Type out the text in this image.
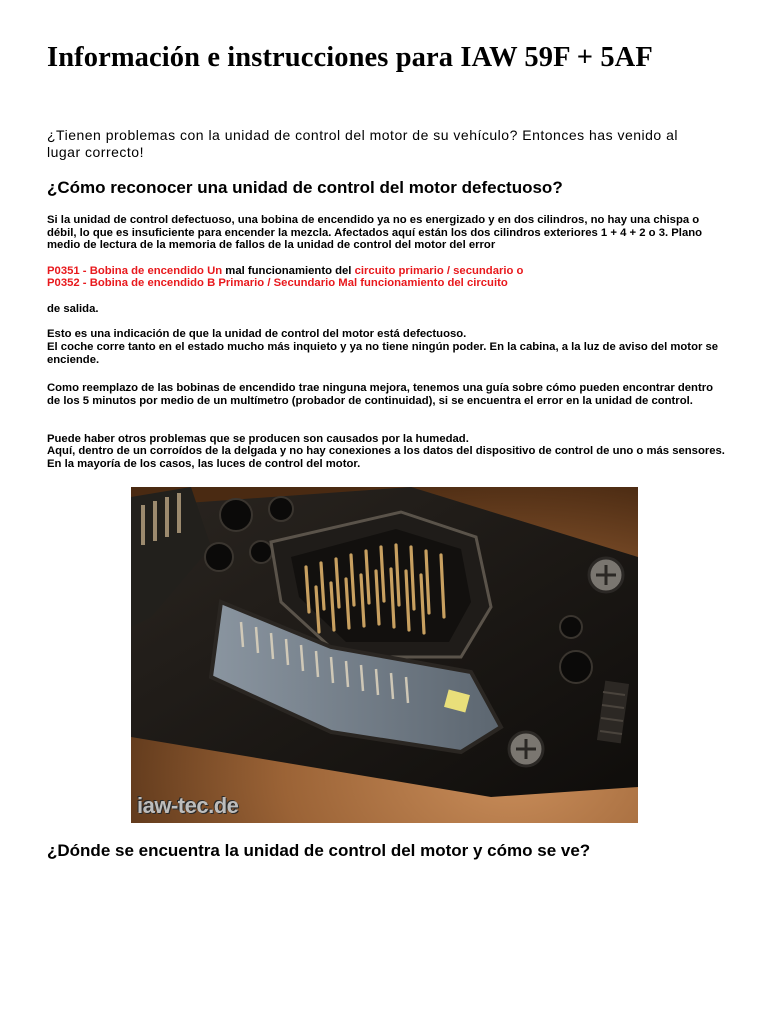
Información e instrucciones para IAW 59F + 5AF

¿Tienen problemas con la unidad de control del motor de su vehículo? Entonces has venido al lugar correcto!

¿Cómo reconocer una unidad de control del motor defectuoso?

Si la unidad de control defectuoso, una bobina de encendido ya no es energizado y en dos cilindros, no hay una chispa o débil, lo que es insuficiente para encender la mezcla. Afectados aquí están los dos cilindros exteriores 1 + 4 + 2 o 3. Plano medio de lectura de la memoria de fallos de la unidad de control del motor del error

P0351 - Bobina de encendido Un mal funcionamiento del circuito primario / secundario o

P0352 - Bobina de encendido B Primario / Secundario Mal funcionamiento del circuito

de salida.

Esto es una indicación de que la unidad de control del motor está defectuoso.

El coche corre tanto en el estado mucho más inquieto y ya no tiene ningún poder. En la cabina, a la luz de aviso del motor se enciende.

Como reemplazo de las bobinas de encendido trae ninguna mejora, tenemos una guía sobre cómo pueden encontrar dentro de los 5 minutos por medio de un multímetro (probador de continuidad), si se encuentra el error en la unidad de control.

Puede haber otros problemas que se producen son causados por la humedad.

Aquí, dentro de un corroídos de la delgada y no hay conexiones a los datos del dispositivo de control de uno o más sensores. En la mayoría de los casos, las luces de control del motor.

¿Dónde se encuentra la unidad de control del motor y cómo se ve?
iaw-tec.de
